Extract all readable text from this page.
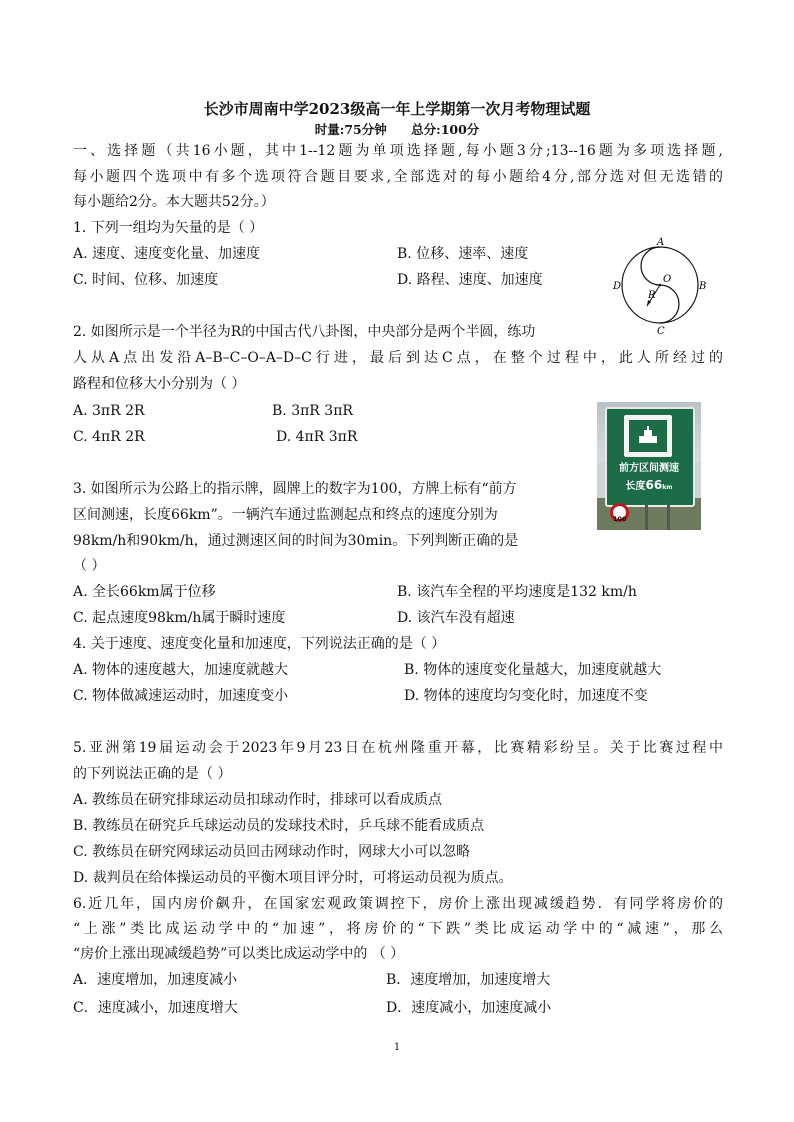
长沙市周南中学2023级高一年上学期第一次月考物理试题
时量:75分钟 总分:100分
一、选择题（共16小题，其中1--12题为单项选择题,每小题3分;13--16题为多项选择题,
每小题四个选项中有多个选项符合题目要求,全部选对的每小题给4分,部分选对但无选错的
每小题给2分。本大题共52分。）
1. 下列一组均为矢量的是（ ）
A. 速度、速度变化量、加速度	B. 位移、速率、速度
C. 时间、位移、加速度	D. 路程、速度、加速度
A
B
C
D
O
R
2. 如图所示是一个半径为R的中国古代八卦图，中央部分是两个半圆，练功
人从A点出发沿A–B–C–O–A–D–C行进，最后到达C点，在整个过程中，此人所经过的
路程和位移大小分别为（ ）
A. 3πR 2R	B. 3πR 3πR
C. 4πR 2R	D. 4πR 3πR
前方区间测速
长度66km
100
3. 如图所示为公路上的指示牌，圆牌上的数字为100，方牌上标有“前方
区间测速，长度66km”。一辆汽车通过监测起点和终点的速度分别为
98km/h和90km/h，通过测速区间的时间为30min。下列判断正确的是
（ ）
A. 全长66km属于位移	B. 该汽车全程的平均速度是132 km/h
C. 起点速度98km/h属于瞬时速度	D. 该汽车没有超速
4. 关于速度、速度变化量和加速度，下列说法正确的是（ ）
A. 物体的速度越大，加速度就越大	B. 物体的速度变化量越大，加速度就越大
C. 物体做减速运动时，加速度变小	D. 物体的速度均匀变化时，加速度不变
5.亚洲第19届运动会于2023年9月23日在杭州隆重开幕，比赛精彩纷呈。关于比赛过程中
的下列说法正确的是（ ）
A. 教练员在研究排球运动员扣球动作时，排球可以看成质点
B. 教练员在研究乒乓球运动员的发球技术时，乒乓球不能看成质点
C. 教练员在研究网球运动员回击网球动作时，网球大小可以忽略
D. 裁判员在给体操运动员的平衡木项目评分时，可将运动员视为质点。
6.近几年，国内房价飙升，在国家宏观政策调控下，房价上涨出现减缓趋势．有同学将房价的
“上涨”类比成运动学中的“加速”，将房价的“下跌”类比成运动学中的“减速”，那么
“房价上涨出现减缓趋势”可以类比成运动学中的 （ ）
A．速度增加，加速度减小	B．速度增加，加速度增大
C．速度减小，加速度增大	D．速度减小，加速度减小
1
